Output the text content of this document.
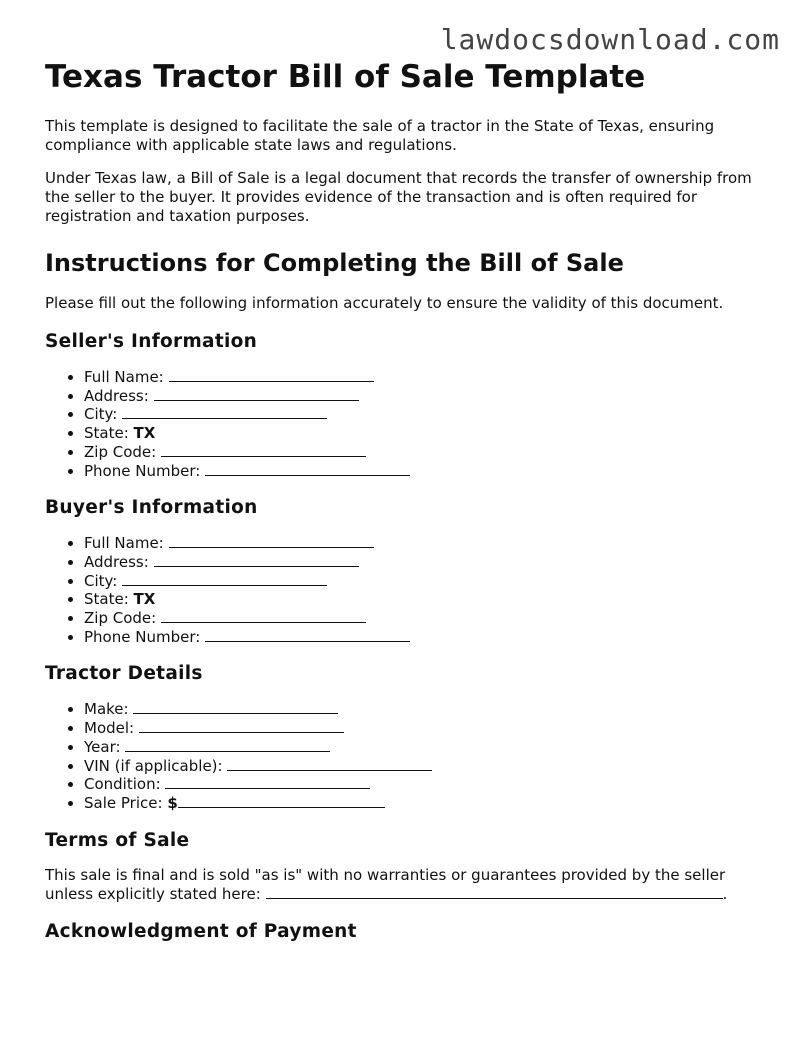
lawdocsdownload.com
Texas Tractor Bill of Sale Template

This template is designed to facilitate the sale of a tractor in the State of Texas, ensuring compliance with applicable state laws and regulations.

Under Texas law, a Bill of Sale is a legal document that records the transfer of ownership from the seller to the buyer. It provides evidence of the transaction and is often required for registration and taxation purposes.

Instructions for Completing the Bill of Sale

Please fill out the following information accurately to ensure the validity of this document.

Seller's Information
• Full Name:
• Address:
• City:
• State: TX
• Zip Code:
• Phone Number:
Buyer's Information
• Full Name:
• Address:
• City:
• State: TX
• Zip Code:
• Phone Number:
Tractor Details
• Make:
• Model:
• Year:
• VIN (if applicable):
• Condition:
• Sale Price: $
Terms of Sale

This sale is final and is sold "as is" with no warranties or guarantees provided by the seller unless explicitly stated here:	.

Acknowledgment of Payment
